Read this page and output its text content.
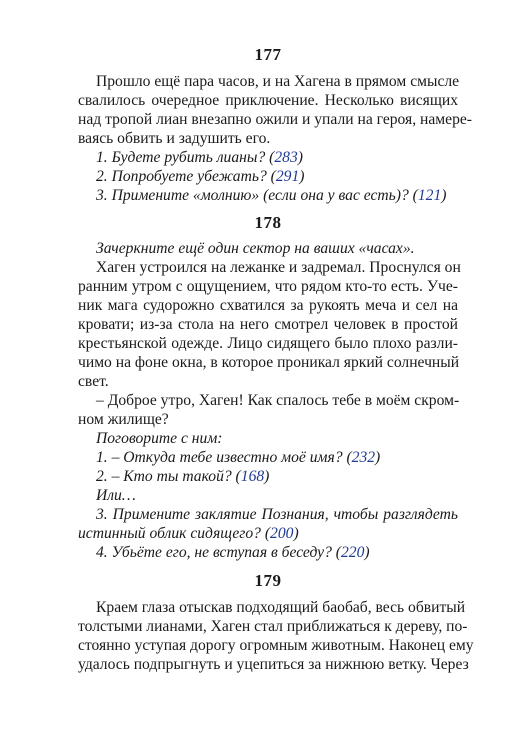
177
Прошло ещё пара часов, и на Хагена в прямом смысле
свалилось очередное приключение. Несколько висящих
над тропой лиан внезапно ожили и упали на героя, намере-
ваясь обвить и задушить его.
1. Будете рубить лианы? (283)
2. Попробуете убежать? (291)
3. Примените «молнию» (если она у вас есть)? (121)
178
Зачеркните ещё один сектор на ваших «часах».
Хаген устроился на лежанке и задремал. Проснулся он
ранним утром с ощущением, что рядом кто-то есть. Уче-
ник мага судорожно схватился за рукоять меча и сел на
кровати; из-за стола на него смотрел человек в простой
крестьянской одежде. Лицо сидящего было плохо разли-
чимо на фоне окна, в которое проникал яркий солнечный
свет.
– Доброе утро, Хаген! Как спалось тебе в моём скром-
ном жилище?
Поговорите с ним:
1. – Откуда тебе известно моё имя? (232)
2. – Кто ты такой? (168)
Или…
3. Примените заклятие Познания, чтобы разглядеть
истинный облик сидящего? (200)
4. Убьёте его, не вступая в беседу? (220)
179
Краем глаза отыскав подходящий баобаб, весь обвитый
толстыми лианами, Хаген стал приближаться к дереву, по-
стоянно уступая дорогу огромным животным. Наконец ему
удалось подпрыгнуть и уцепиться за нижнюю ветку. Через
